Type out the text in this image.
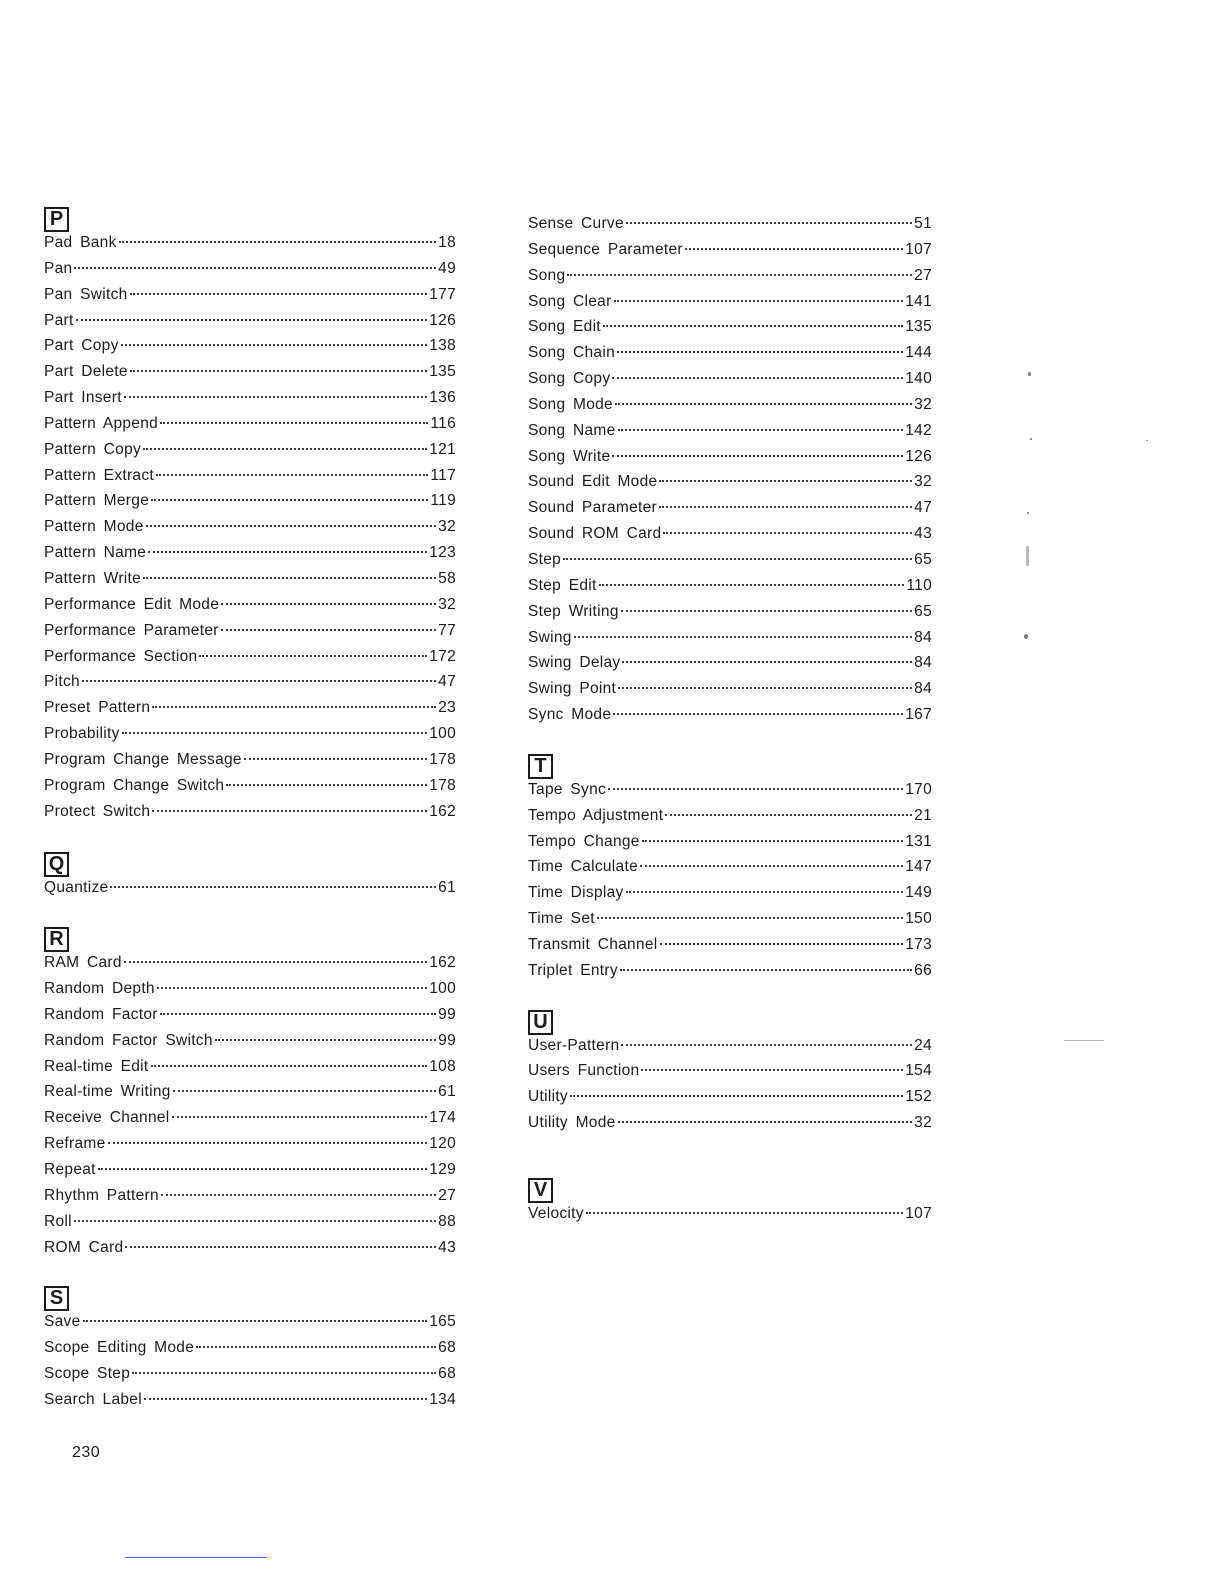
P
Pad Bank	18
Pan	49
Pan Switch	177
Part	126
Part Copy	138
Part Delete	135
Part Insert	136
Pattern Append	116
Pattern Copy	121
Pattern Extract	117
Pattern Merge	119
Pattern Mode	32
Pattern Name	123
Pattern Write	58
Performance Edit Mode	32
Performance Parameter	77
Performance Section	172
Pitch	47
Preset Pattern	23
Probability	100
Program Change Message	178
Program Change Switch	178
Protect Switch	162
Q
Quantize	61
R
RAM Card	162
Random Depth	100
Random Factor	99
Random Factor Switch	99
Real-time Edit	108
Real-time Writing	61
Receive Channel	174
Reframe	120
Repeat	129
Rhythm Pattern	27
Roll	88
ROM Card	43
S
Save	165
Scope Editing Mode	68
Scope Step	68
Search Label	134
Sense Curve	51
Sequence Parameter	107
Song	27
Song Clear	141
Song Edit	135
Song Chain	144
Song Copy	140
Song Mode	32
Song Name	142
Song Write	126
Sound Edit Mode	32
Sound Parameter	47
Sound ROM Card	43
Step	65
Step Edit	110
Step Writing	65
Swing	84
Swing Delay	84
Swing Point	84
Sync Mode	167
T
Tape Sync	170
Tempo Adjustment	21
Tempo Change	131
Time Calculate	147
Time Display	149
Time Set	150
Transmit Channel	173
Triplet Entry	66
U
User-Pattern	24
Users Function	154
Utility	152
Utility Mode	32
V
Velocity	107
230
